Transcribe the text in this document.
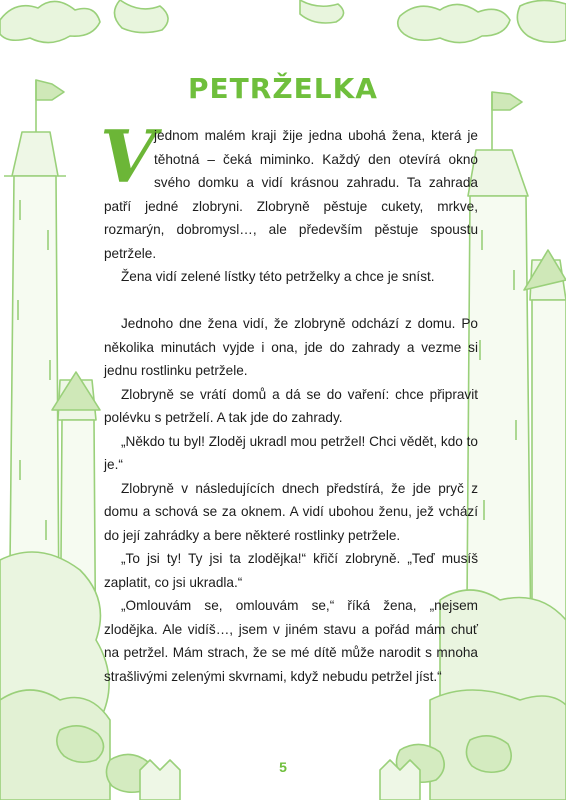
PETRŽELKA

V
jednom malém kraji žije jedna ubohá žena, která je těhotná – čeká miminko. Každý den otevírá okno svého domku a vidí krásnou zahradu. Ta zahrada patří jedné zlobryni. Zlobryně pěstuje cukety, mrkve, rozmarýn, dobromysl…, ale především pěstuje spoustu petržele.

Žena vidí zelené lístky této petrželky a chce je sníst.

Jednoho dne žena vidí, že zlobryně odchází z domu. Po několika minutách vyjde i ona, jde do zahrady a vezme si jednu rostlinku petržele.

Zlobryně se vrátí domů a dá se do vaření: chce připravit polévku s petrželí. A tak jde do zahrady.

„Někdo tu byl! Zloděj ukradl mou petržel! Chci vědět, kdo to je.“

Zlobryně v následujících dnech předstírá, že jde pryč z domu a schová se za oknem. A vidí ubohou ženu, jež vchází do její zahrádky a bere některé rostlinky petržele.

„To jsi ty! Ty jsi ta zlodějka!“ křičí zlobryně. „Teď musíš zaplatit, co jsi ukradla.“

„Omlouvám se, omlouvám se,“ říká žena, „nejsem zlodějka. Ale vidíš…, jsem v jiném stavu a pořád mám chuť na petržel. Mám strach, že se mé dítě může narodit s mnoha strašlivými zelenými skvrnami, když nebudu petržel jíst.“

5
